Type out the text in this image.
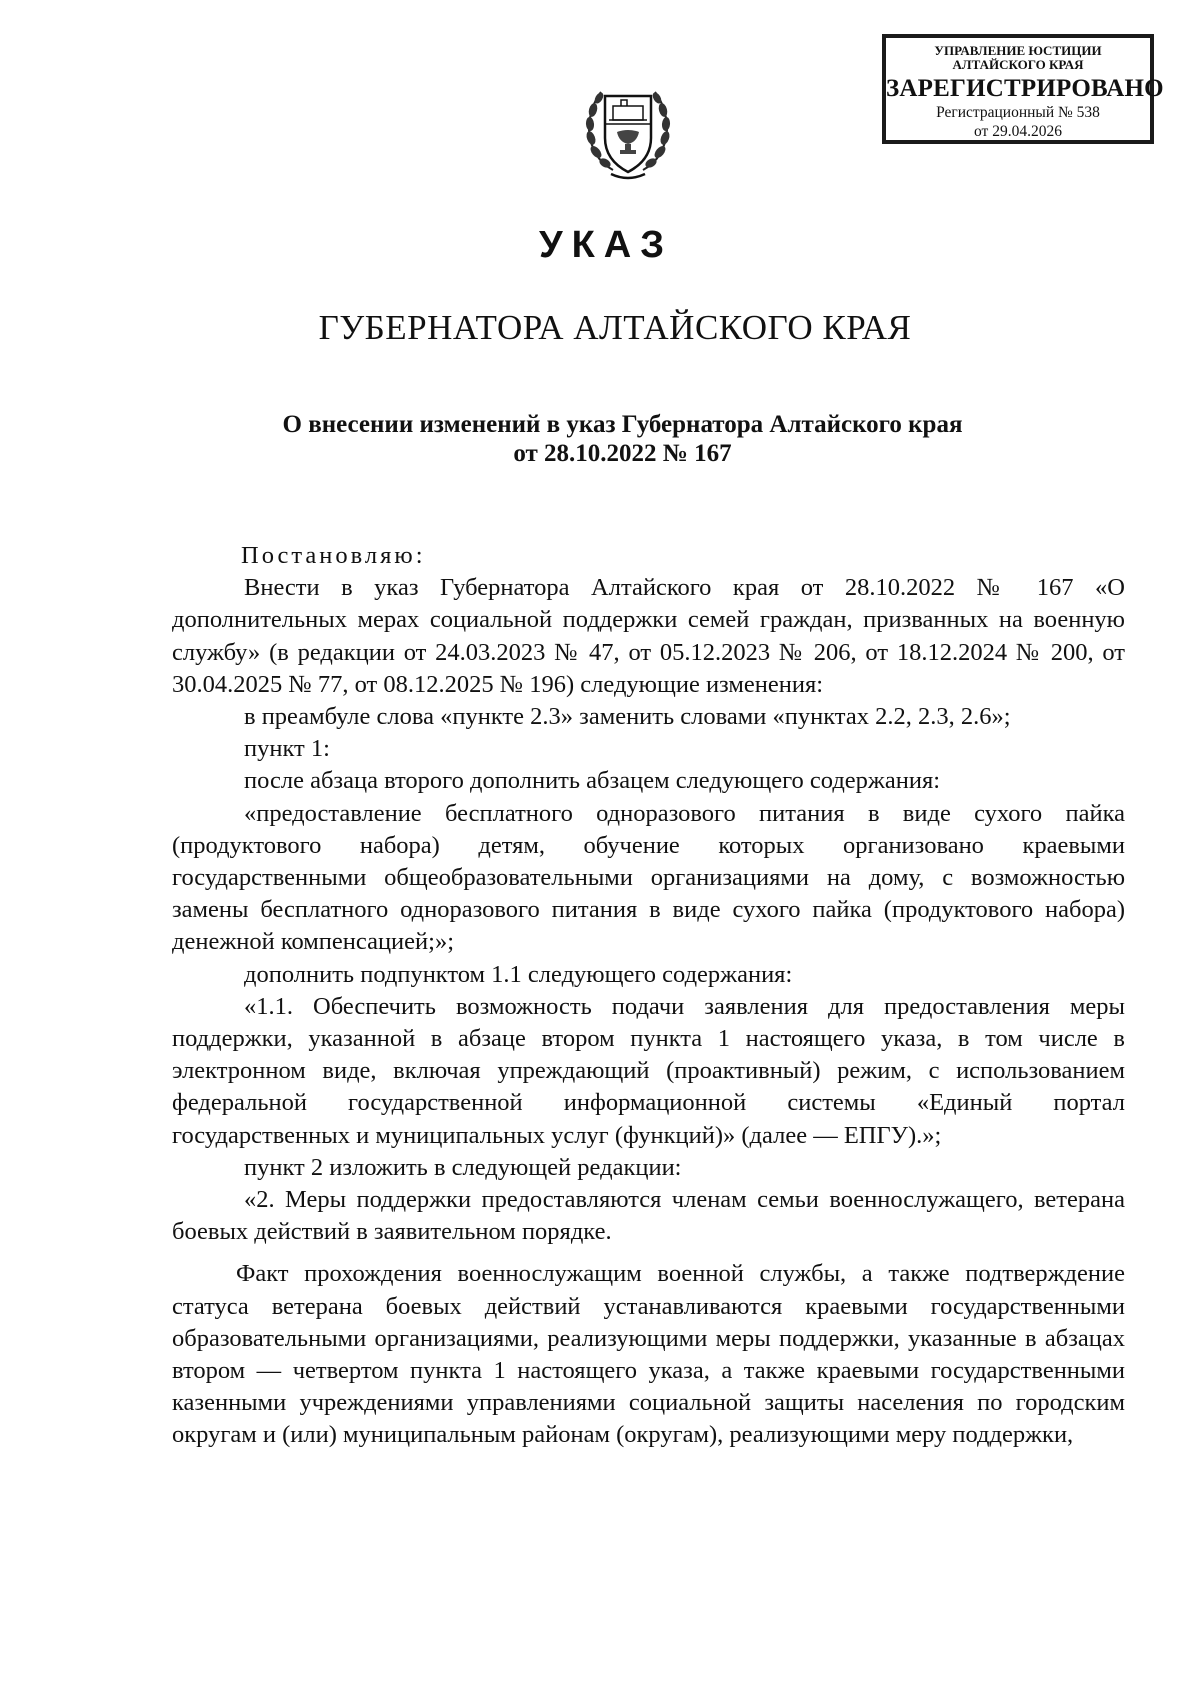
УПРАВЛЕНИЕ ЮСТИЦИИ
АЛТАЙСКОГО КРАЯ
ЗАРЕГИСТРИРОВАНО
Регистрационный № 538
от 29.04.2026
УКАЗ
ГУБЕРНАТОРА АЛТАЙСКОГО КРАЯ
О внесении изменений в указ Губернатора Алтайского края
от 28.10.2022 № 167

Постановляю:

Внести в указ Губернатора Алтайского края от 28.10.2022 № 167 «О дополнительных мерах социальной поддержки семей граждан, призванных на военную службу» (в редакции от 24.03.2023 № 47, от 05.12.2023 № 206, от 18.12.2024 № 200, от 30.04.2025 № 77, от 08.12.2025 № 196) следующие изменения:

в преамбуле слова «пункте 2.3» заменить словами «пунктах 2.2, 2.3, 2.6»;

пункт 1:

после абзаца второго дополнить абзацем следующего содержания:

«предоставление бесплатного одноразового питания в виде сухого пайка (продуктового набора) детям, обучение которых организовано краевыми государственными общеобразовательными организациями на дому, с возможностью замены бесплатного одноразового питания в виде сухого пайка (продуктового набора) денежной компенсацией;»;

дополнить подпунктом 1.1 следующего содержания:

«1.1. Обеспечить возможность подачи заявления для предоставления меры поддержки, указанной в абзаце втором пункта 1 настоящего указа, в том числе в электронном виде, включая упреждающий (проактивный) режим, с использованием федеральной государственной информационной системы «Единый портал государственных и муниципальных услуг (функций)» (далее — ЕПГУ).»;

пункт 2 изложить в следующей редакции:

«2. Меры поддержки предоставляются членам семьи военнослужащего, ветерана боевых действий в заявительном порядке.

Факт прохождения военнослужащим военной службы, а также подтверждение статуса ветерана боевых действий устанавливаются краевыми государственными образовательными организациями, реализующими меры поддержки, указанные в абзацах втором — четвертом пункта 1 настоящего указа, а также краевыми государственными казенными учреждениями управлениями социальной защиты населения по городским округам и (или) муниципальным районам (округам), реализующими меру поддержки,
